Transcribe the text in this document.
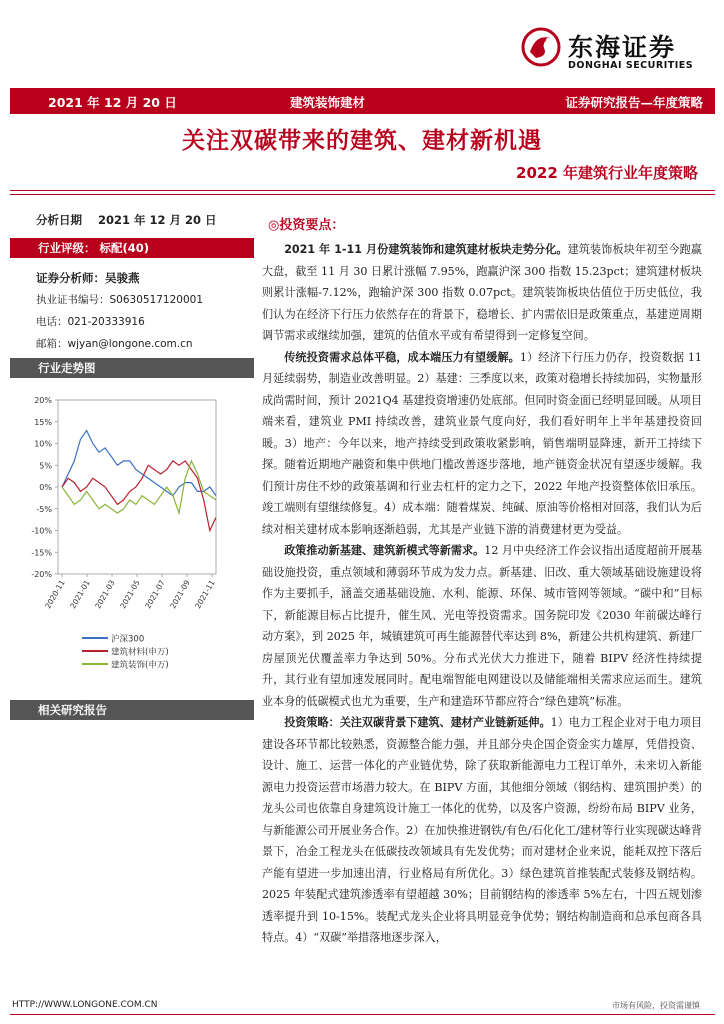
东海证券
DONGHAI SECURITIES
2021 年 12 月 20 日	建筑装饰建材	证券研究报告—年度策略
关注双碳带来的建筑、建材新机遇
2022 年建筑行业年度策略
分析日期 2021 年 12 月 20 日
行业评级： 标配(40)
证券分析师：吴骏燕
执业证书编号：S0630517120001
电话：021-20333916
邮箱：wjyan@longone.com.cn
行业走势图
20%
15%
10%
5%
0%
-5%
-10%
-15%
-20%
2020-11 2021-01 2021-03 2021-05 2021-07 2021-09 2021-11
沪深300
建筑材料(申万)
建筑装饰(申万)
相关研究报告
◎投资要点：

2021 年 1-11 月份建筑装饰和建筑建材板块走势分化。建筑装饰板块年初至今跑赢大盘，截至 11 月 30 日累计涨幅 7.95%，跑赢沪深 300 指数 15.23pct；建筑建材板块则累计涨幅-7.12%，跑输沪深 300 指数 0.07pct。建筑装饰板块估值位于历史低位，我们认为在经济下行压力依然存在的背景下，稳增长、扩内需依旧是政策重点，基建逆周期调节需求或继续加强，建筑的估值水平或有希望得到一定修复空间。

传统投资需求总体平稳，成本端压力有望缓解。1）经济下行压力仍存，投资数据 11 月延续弱势，制造业改善明显。2）基建：三季度以来，政策对稳增长持续加码，实物量形成尚需时间，预计 2021Q4 基建投资增速仍处底部。但同时资金面已经明显回暖。从项目端来看，建筑业 PMI 持续改善，建筑业景气度向好，我们看好明年上半年基建投资回暖。3）地产：今年以来，地产持续受到政策收紧影响，销售端明显降速，新开工持续下探。随着近期地产融资和集中供地门槛改善逐步落地，地产链资金状况有望逐步缓解。我们预计房住不炒的政策基调和行业去杠杆的定力之下，2022 年地产投资整体依旧承压。竣工端则有望继续修复。4）成本端：随着煤炭、纯碱、原油等价格相对回落，我们认为后续对相关建材成本影响逐渐趋弱，尤其是产业链下游的消费建材更为受益。

政策推动新基建、建筑新模式等新需求。12 月中央经济工作会议指出适度超前开展基础设施投资，重点领域和薄弱环节成为发力点。新基建、旧改、重大领域基础设施建设将作为主要抓手，涵盖交通基础设施、水利、能源、环保、城市管网等领域。“碳中和”目标下，新能源目标占比提升，催生风、光电等投资需求。国务院印发《2030 年前碳达峰行动方案》，到 2025 年，城镇建筑可再生能源替代率达到 8%，新建公共机构建筑、新建厂房屋顶光伏覆盖率力争达到 50%。分布式光伏大力推进下，随着 BIPV 经济性持续提升，其行业有望加速发展同时。配电端智能电网建设以及储能端相关需求应运而生。建筑业本身的低碳模式也尤为重要，生产和建造环节都应符合“绿色建筑”标准。

投资策略：关注双碳背景下建筑、建材产业链新延伸。1）电力工程企业对于电力项目建设各环节都比较熟悉，资源整合能力强，并且部分央企国企资金实力雄厚，凭借投资、设计、施工、运营一体化的产业链优势，除了获取新能源电力工程订单外，未来切入新能源电力投资运营市场潜力较大。在 BIPV 方面，其他细分领域（钢结构、建筑围护类）的龙头公司也依靠自身建筑设计施工一体化的优势，以及客户资源，纷纷布局 BIPV 业务，与新能源公司开展业务合作。2）在加快推进钢铁/有色/石化化工/建材等行业实现碳达峰背景下，冶金工程龙头在低碳技改领域具有先发优势；而对建材企业来说，能耗双控下落后产能有望进一步加速出清，行业格局有所优化。3）绿色建筑首推装配式装修及钢结构。2025 年装配式建筑渗透率有望超越 30%；目前钢结构的渗透率 5%左右，十四五规划渗透率提升到 10-15%。装配式龙头企业将具明显竞争优势；钢结构制造商和总承包商各具特点。4）“双碳”举措落地逐步深入，

HTTP://WWW.LONGONE.COM.CN	市场有风险，投资需谨慎
